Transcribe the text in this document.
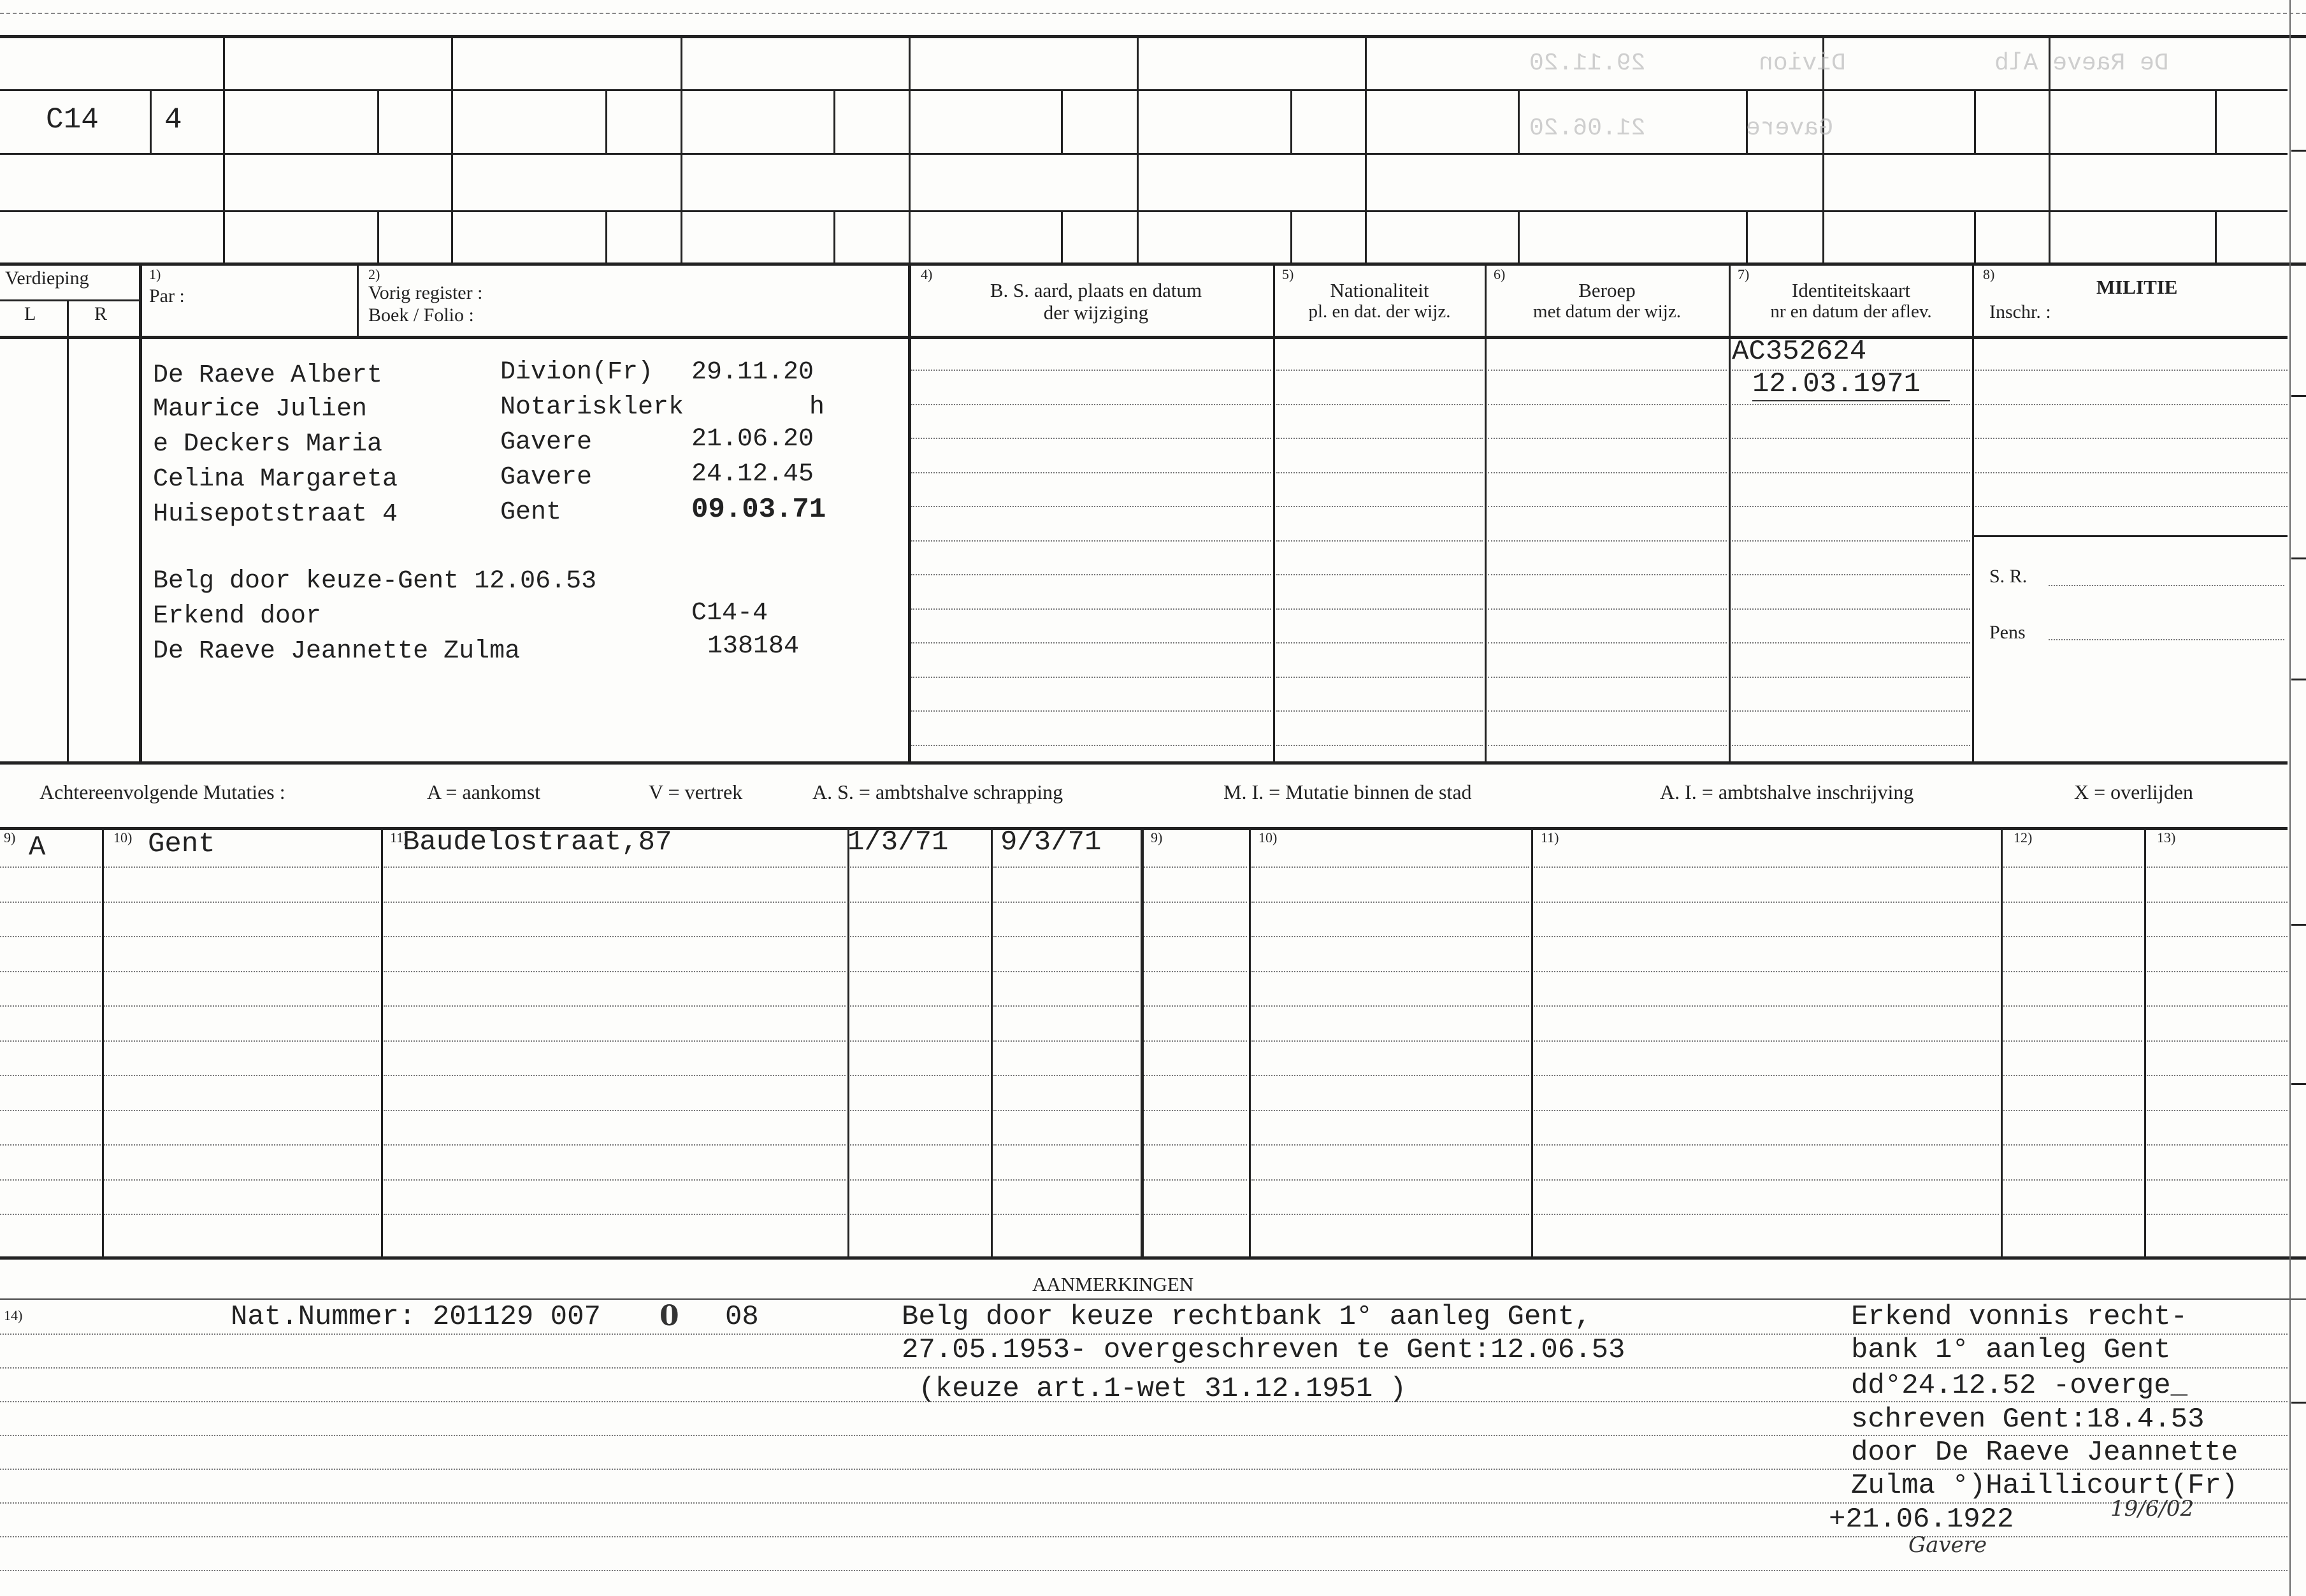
C14 4
De Raeve Alb
Divion
29.11.20
Gavere
21.06.20
Verdieping
L	R
1)
Par :
2)
Vorig register :
Boek / Folio :
4)
B. S. aard, plaats en datum
der wijziging
5)
Nationaliteit
pl. en dat. der wijz.
6)
Beroep
met datum der wijz.
7)
Identiteitskaart
nr en datum der aflev.
8)
MILITIE
Inschr. :
S. R.
Pens
De Raeve Albert	Divion(Fr) 29.11.20
Maurice Julien	Notarisklerk	h
e Deckers Maria	Gavere	21.06.20
Celina Margareta	Gavere	24.12.45
Huisepotstraat 4	Gent	09.03.71
Belg door keuze-Gent 12.06.53
Erkend door	C14-4
De Raeve Jeannette Zulma	138184
AC352624
12.03.1971
Achtereenvolgende Mutaties :	A = aankomst	V = vertrek	A. S. = ambtshalve schrapping	M. I. = Mutatie binnen de stad	A. I. = ambtshalve inschrijving	X = overlijden
9)	10)	11)	9)	10)	11)	12)	13)
A	Gent	Baudelostraat,87	1/3/71 9/3/71
AANMERKINGEN
14)	Nat.Nummer: 201129 007 0 08	Belg door keuze rechtbank 1° aanleg Gent,
27.05.1953- overgeschreven te Gent:12.06.53
(keuze art.1-wet 31.12.1951 )
Erkend vonnis recht-
bank 1° aanleg Gent
dd°24.12.52 -overge_
schreven Gent:18.4.53
door De Raeve Jeannette
Zulma °)Haillicourt(Fr)
+21.06.1922	19/6/02
Gavere
